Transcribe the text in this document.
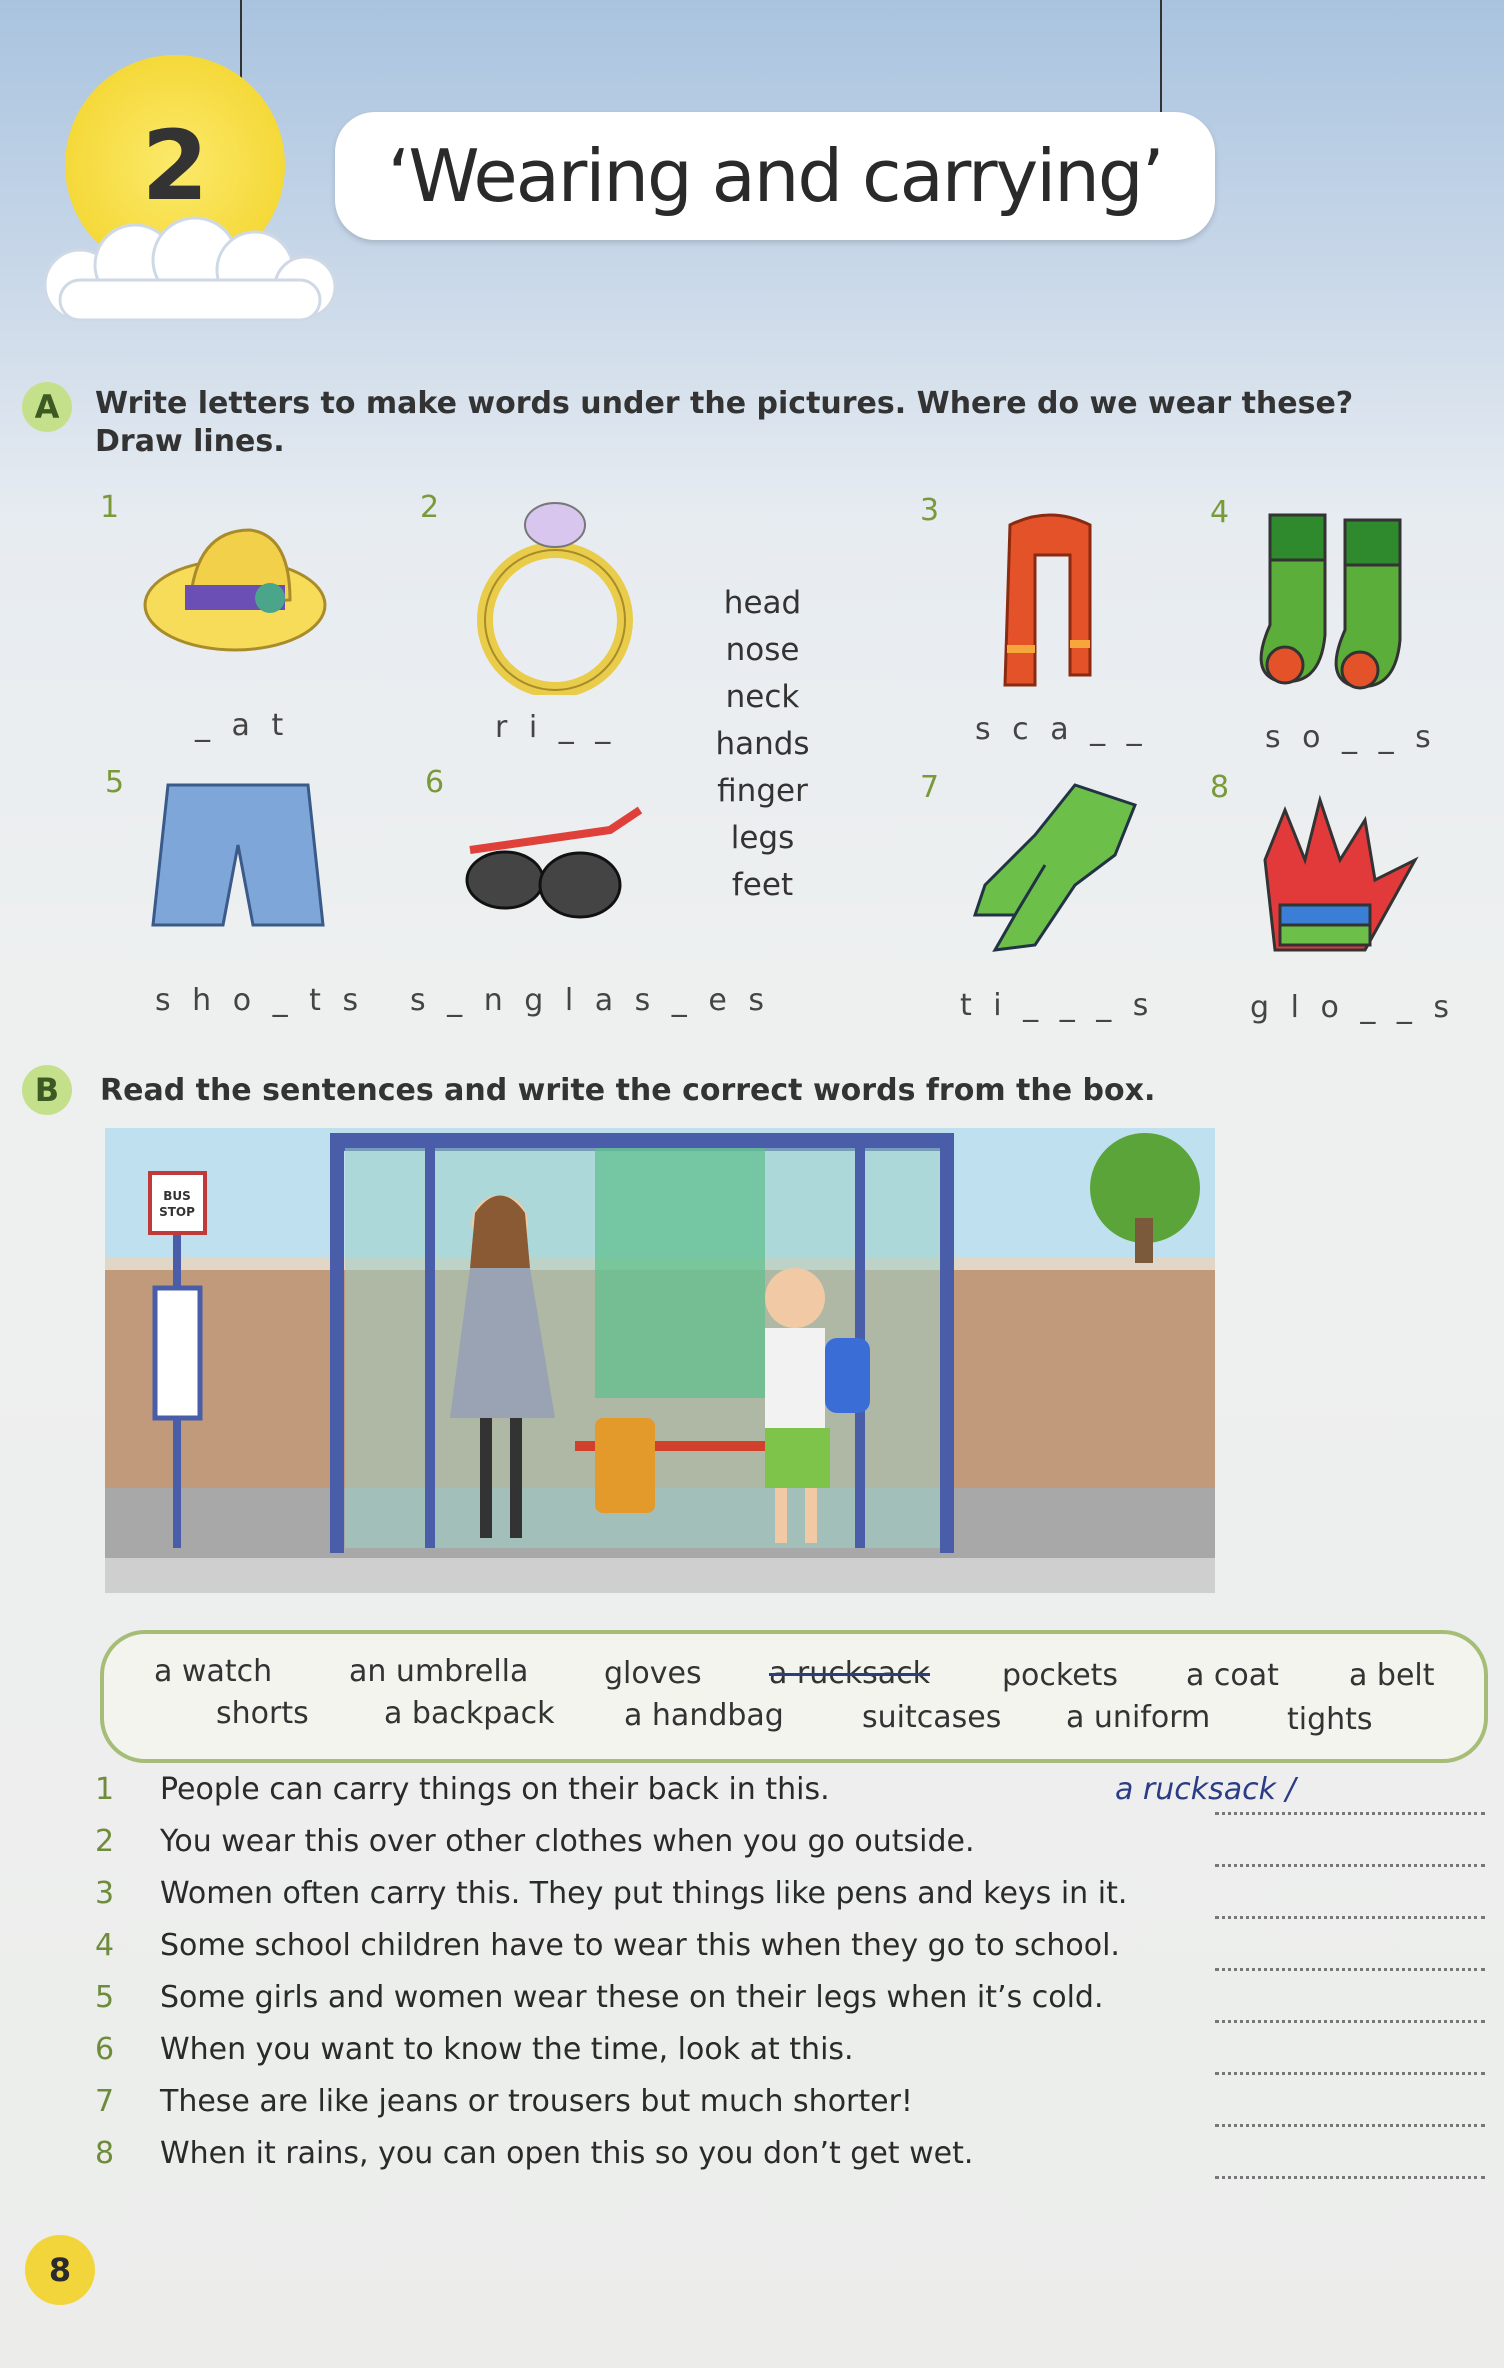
2	‘Wearing and carrying’
A	Write letters to make words under the pictures. Where do we wear these? Draw lines.
1
_ a t
2
r i _ _
3
s c a _ _
4
s o _ _ s
5
s h o _ t s
6
s _ n g l a s _ e s
7
t i _ _ _ s
8
g l o _ _ s
head
nose
neck
hands
finger
legs
feet
B	Read the sentences and write the correct words from the box.
BUS
STOP
a watch	an umbrella	gloves a rucksack pockets a coat a belt
shorts	a backpack a handbag	suitcases a uniform	tights
1 People can carry things on their back in this.	a rucksack /
2 You wear this over other clothes when you go outside.
3 Women often carry this. They put things like pens and keys in it.
4 Some school children have to wear this when they go to school.
5 Some girls and women wear these on their legs when it’s cold.
6 When you want to know the time, look at this.
7 These are like jeans or trousers but much shorter!
8 When it rains, you can open this so you don’t get wet.
8
